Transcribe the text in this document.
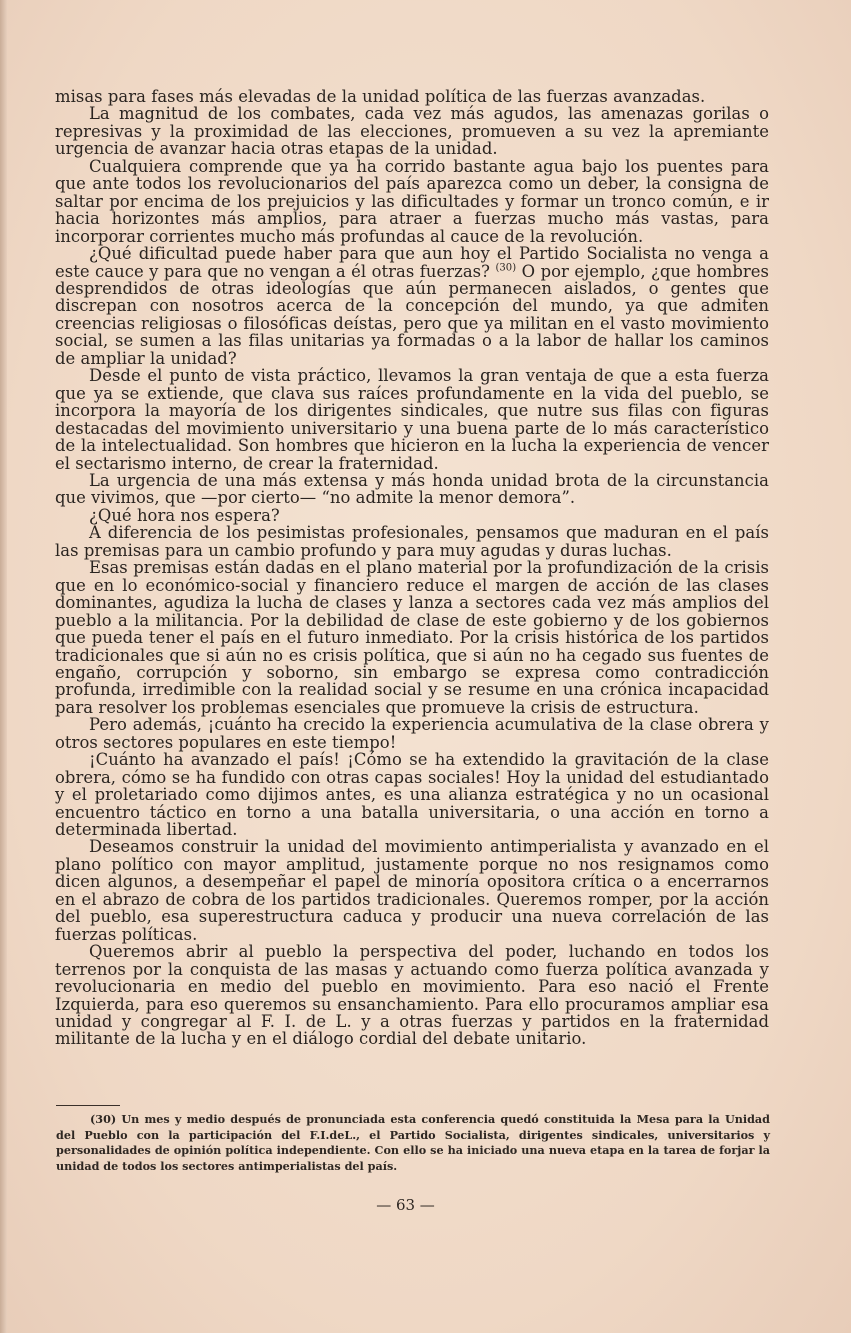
misas para fases más elevadas de la unidad política de las fuerzas avanzadas.

La magnitud de los combates, cada vez más agudos, las amenazas gorilas o represivas y la proximidad de las elecciones, promueven a su vez la apremiante urgencia de avanzar hacia otras etapas de la unidad.

Cualquiera comprende que ya ha corrido bastante agua bajo los puentes para que ante todos los revolucionarios del país aparezca como un deber, la consigna de saltar por encima de los prejuicios y las dificultades y formar un tronco común, e ir hacia horizontes más amplios, para atraer a fuerzas mucho más vastas, para incorporar corrientes mucho más profundas al cauce de la revolución.

¿Qué dificultad puede haber para que aun hoy el Partido Socialista no venga a este cauce y para que no vengan a él otras fuerzas? $^{(30)}$ O por ejemplo, ¿que hombres desprendidos de otras ideologías que aún permanecen aislados, o gentes que discrepan con nosotros acerca de la concepción del mundo, ya que admiten creencias religiosas o filosóficas deístas, pero que ya militan en el vasto movimiento social, se sumen a las filas unitarias ya formadas o a la labor de hallar los caminos de ampliar la unidad?

Desde el punto de vista práctico, llevamos la gran ventaja de que a esta fuerza que ya se extiende, que clava sus raíces profundamente en la vida del pueblo, se incorpora la mayoría de los dirigentes sindicales, que nutre sus filas con figuras destacadas del movimiento universitario y una buena parte de lo más característico de la intelectualidad. Son hombres que hicieron en la lucha la experiencia de vencer el sectarismo interno, de crear la fraternidad.

La urgencia de una más extensa y más honda unidad brota de la circunstancia que vivimos, que —por cierto— “no admite la menor demora”.

¿Qué hora nos espera?

A diferencia de los pesimistas profesionales, pensamos que maduran en el país las premisas para un cambio profundo y para muy agudas y duras luchas.

Esas premisas están dadas en el plano material por la profundización de la crisis que en lo económico-social y financiero reduce el margen de acción de las clases dominantes, agudiza la lucha de clases y lanza a sectores cada vez más amplios del pueblo a la militancia. Por la debilidad de clase de este gobierno y de los gobiernos que pueda tener el país en el futuro inmediato. Por la crisis histórica de los partidos tradicionales que si aún no es crisis política, que si aún no ha cegado sus fuentes de engaño, corrupción y soborno, sin embargo se expresa como contradicción profunda, irredimible con la realidad social y se resume en una crónica incapacidad para resolver los problemas esenciales que promueve la crisis de estructura.

Pero además, ¡cuánto ha crecido la experiencia acumulativa de la clase obrera y otros sectores populares en este tiempo!

¡Cuánto ha avanzado el país! ¡Cómo se ha extendido la gravitación de la clase obrera, cómo se ha fundido con otras capas sociales! Hoy la unidad del estudiantado y el proletariado como dijimos antes, es una alianza estratégica y no un ocasional encuentro táctico en torno a una batalla universitaria, o una acción en torno a determinada libertad.

Deseamos construir la unidad del movimiento antimperialista y avanzado en el plano político con mayor amplitud, justamente porque no nos resignamos como dicen algunos, a desempeñar el papel de minoría opositora crítica o a encerrarnos en el abrazo de cobra de los partidos tradicionales. Queremos romper, por la acción del pueblo, esa superestructura caduca y producir una nueva correlación de las fuerzas políticas.

Queremos abrir al pueblo la perspectiva del poder, luchando en todos los terrenos por la conquista de las masas y actuando como fuerza política avanzada y revolucionaria en medio del pueblo en movimiento. Para eso nació el Frente Izquierda, para eso queremos su ensanchamiento. Para ello procuramos ampliar esa unidad y congregar al F. I. de L. y a otras fuerzas y partidos en la fraternidad militante de la lucha y en el diálogo cordial del debate unitario.

(30) Un mes y medio después de pronunciada esta conferencia quedó constituida la Mesa para la Unidad del Pueblo con la participación del F.I.deL., el Partido Socialista, dirigentes sindicales, universitarios y personalidades de opinión política independiente. Con ello se ha iniciado una nueva etapa en la tarea de forjar la unidad de todos los sectores antimperialistas del país.
— 63 —
